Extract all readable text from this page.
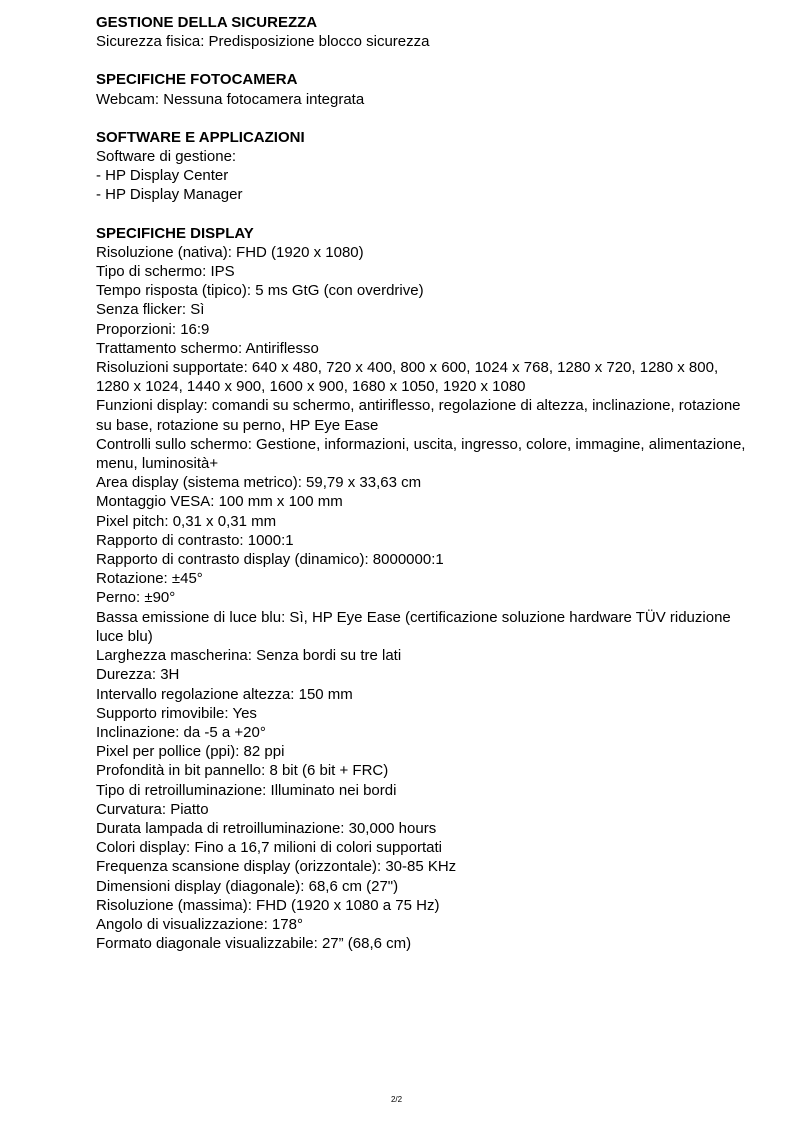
GESTIONE DELLA SICUREZZA
Sicurezza fisica: Predisposizione blocco sicurezza
SPECIFICHE FOTOCAMERA
Webcam: Nessuna fotocamera integrata
SOFTWARE E APPLICAZIONI
Software di gestione:
- HP Display Center
- HP Display Manager
SPECIFICHE DISPLAY
Risoluzione (nativa): FHD (1920 x 1080)
Tipo di schermo: IPS
Tempo risposta (tipico): 5 ms GtG (con overdrive)
Senza flicker: Sì
Proporzioni: 16:9
Trattamento schermo: Antiriflesso
Risoluzioni supportate: 640 x 480, 720 x 400, 800 x 600, 1024 x 768, 1280 x 720, 1280 x 800, 1280 x 1024, 1440 x 900, 1600 x 900, 1680 x 1050, 1920 x 1080
Funzioni display: comandi su schermo, antiriflesso, regolazione di altezza, inclinazione, rotazione su base, rotazione su perno, HP Eye Ease
Controlli sullo schermo: Gestione, informazioni, uscita, ingresso, colore, immagine, alimentazione, menu, luminosità+
Area display (sistema metrico): 59,79 x 33,63 cm
Montaggio VESA: 100 mm x 100 mm
Pixel pitch: 0,31 x 0,31 mm
Rapporto di contrasto: 1000:1
Rapporto di contrasto display (dinamico): 8000000:1
Rotazione: ±45°
Perno: ±90°
Bassa emissione di luce blu: Sì, HP Eye Ease (certificazione soluzione hardware TÜV riduzione luce blu)
Larghezza mascherina: Senza bordi su tre lati
Durezza: 3H
Intervallo regolazione altezza: 150 mm
Supporto rimovibile: Yes
Inclinazione: da -5 a +20°
Pixel per pollice (ppi): 82 ppi
Profondità in bit pannello: 8 bit (6 bit + FRC)
Tipo di retroilluminazione: Illuminato nei bordi
Curvatura: Piatto
Durata lampada di retroilluminazione: 30,000 hours
Colori display: Fino a 16,7 milioni di colori supportati
Frequenza scansione display (orizzontale): 30-85 KHz
Dimensioni display (diagonale): 68,6 cm (27")
Risoluzione (massima): FHD (1920 x 1080 a 75 Hz)
Angolo di visualizzazione: 178°
Formato diagonale visualizzabile: 27” (68,6 cm)
2/2
